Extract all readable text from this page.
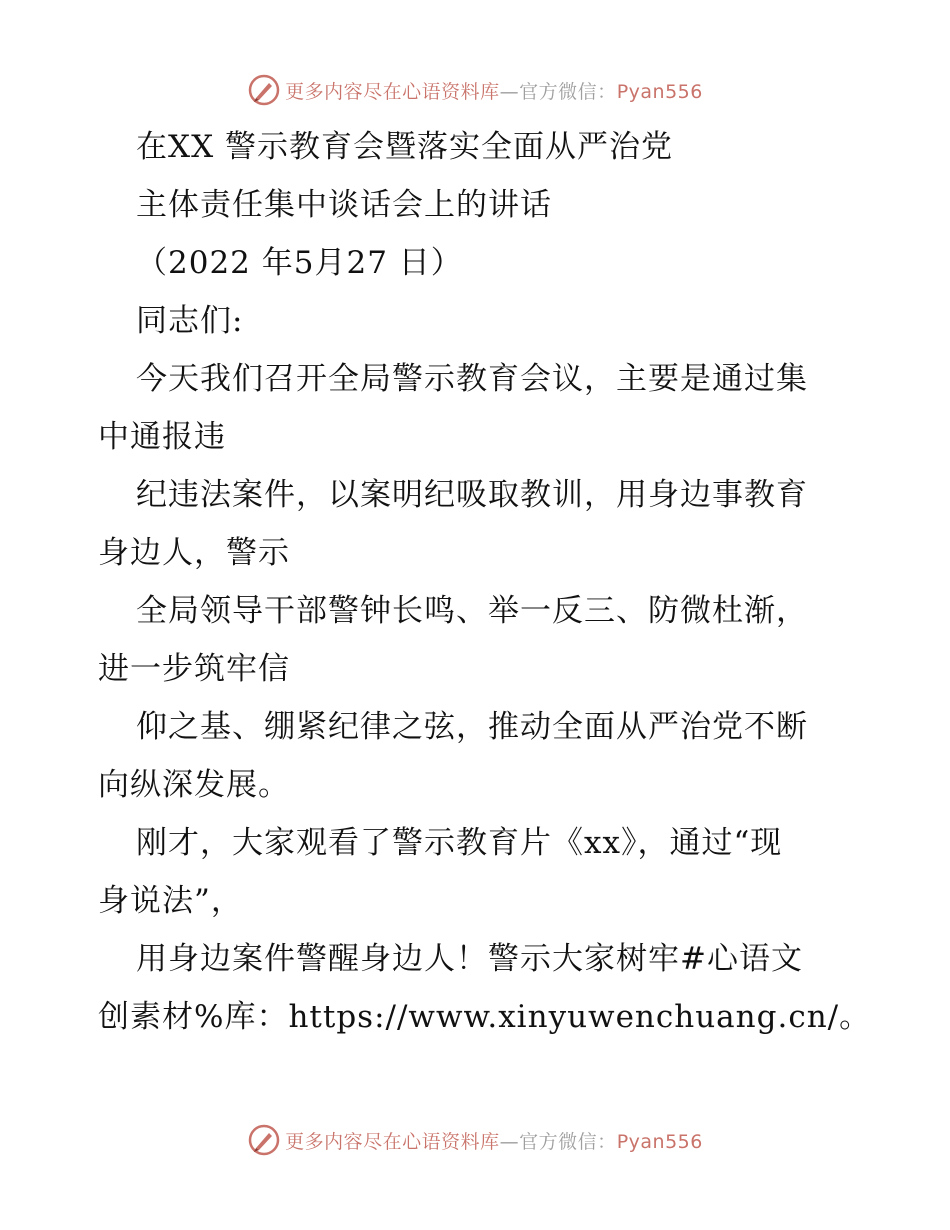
更多内容尽在心语资料库—官方微信：Pyan556
在XX 警示教育会暨落实全面从严治党
主体责任集中谈话会上的讲话
（2022 年5月27 日）
同志们:
今天我们召开全局警示教育会议，主要是通过集
中通报违
纪违法案件，以案明纪吸取教训，用身边事教育
身边人，警示
全局领导干部警钟长鸣、举一反三、防微杜渐，
进一步筑牢信
仰之基、绷紧纪律之弦，推动全面从严治党不断
向纵深发展。
刚才，大家观看了警示教育片《xx》，通过“现
身说法”，
用身边案件警醒身边人！警示大家树牢#心语文
创素材%库：https://www.xinyuwenchuang.cn/。
更多内容尽在心语资料库—官方微信：Pyan556
